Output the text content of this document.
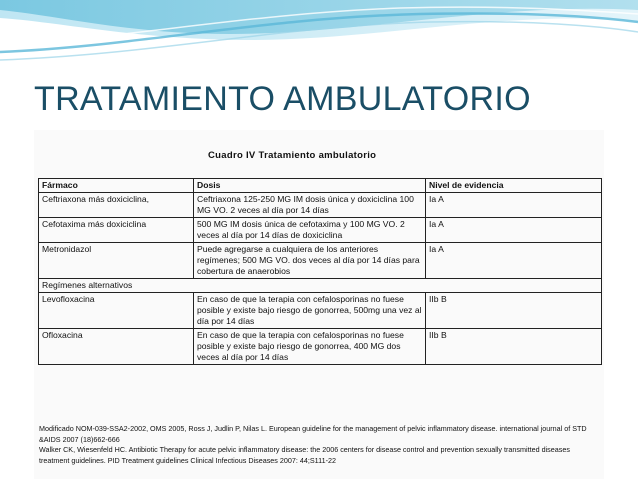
TRATAMIENTO AMBULATORIO
Cuadro IV Tratamiento ambulatorio
Fármaco	Dosis	Nivel de evidencia
Ceftriaxona más doxiciclina,	Ceftriaxona 125-250 MG IM dosis única y doxiciclina 100 MG VO. 2 veces al día por 14 días	Ia A
Cefotaxima más doxiciclina	500 MG IM dosis única de cefotaxima y 100 MG VO. 2 veces al día por 14 días de doxiciclina	Ia A
Metronidazol	Puede agregarse a cualquiera de los anteriores regímenes; 500 MG VO. dos veces al día por 14 días para cobertura de anaerobios	Ia A
Regímenes alternativos		
Levofloxacina	En caso de que la terapia con cefalosporinas no fuese posible y existe bajo riesgo de gonorrea, 500mg una vez al día por 14 días	IIb B
Ofloxacina	En caso de que la terapia con cefalosporinas no fuese posible y existe bajo riesgo de gonorrea, 400 MG dos veces al día por 14 días	IIb B
Modificado NOM-039-SSA2-2002, OMS 2005, Ross J, Judlin P, Nilas L. European guideline for the management of pelvic inflammatory disease. international journal of STD &AIDS 2007 (18)662-666
Walker CK, Wiesenfeld HC. Antibiotic Therapy for acute pelvic inflammatory disease: the 2006 centers for disease control and prevention sexually transmitted diseases treatment guidelines. PID Treatment guidelines Clinical Infectious Diseases 2007: 44;S111-22
